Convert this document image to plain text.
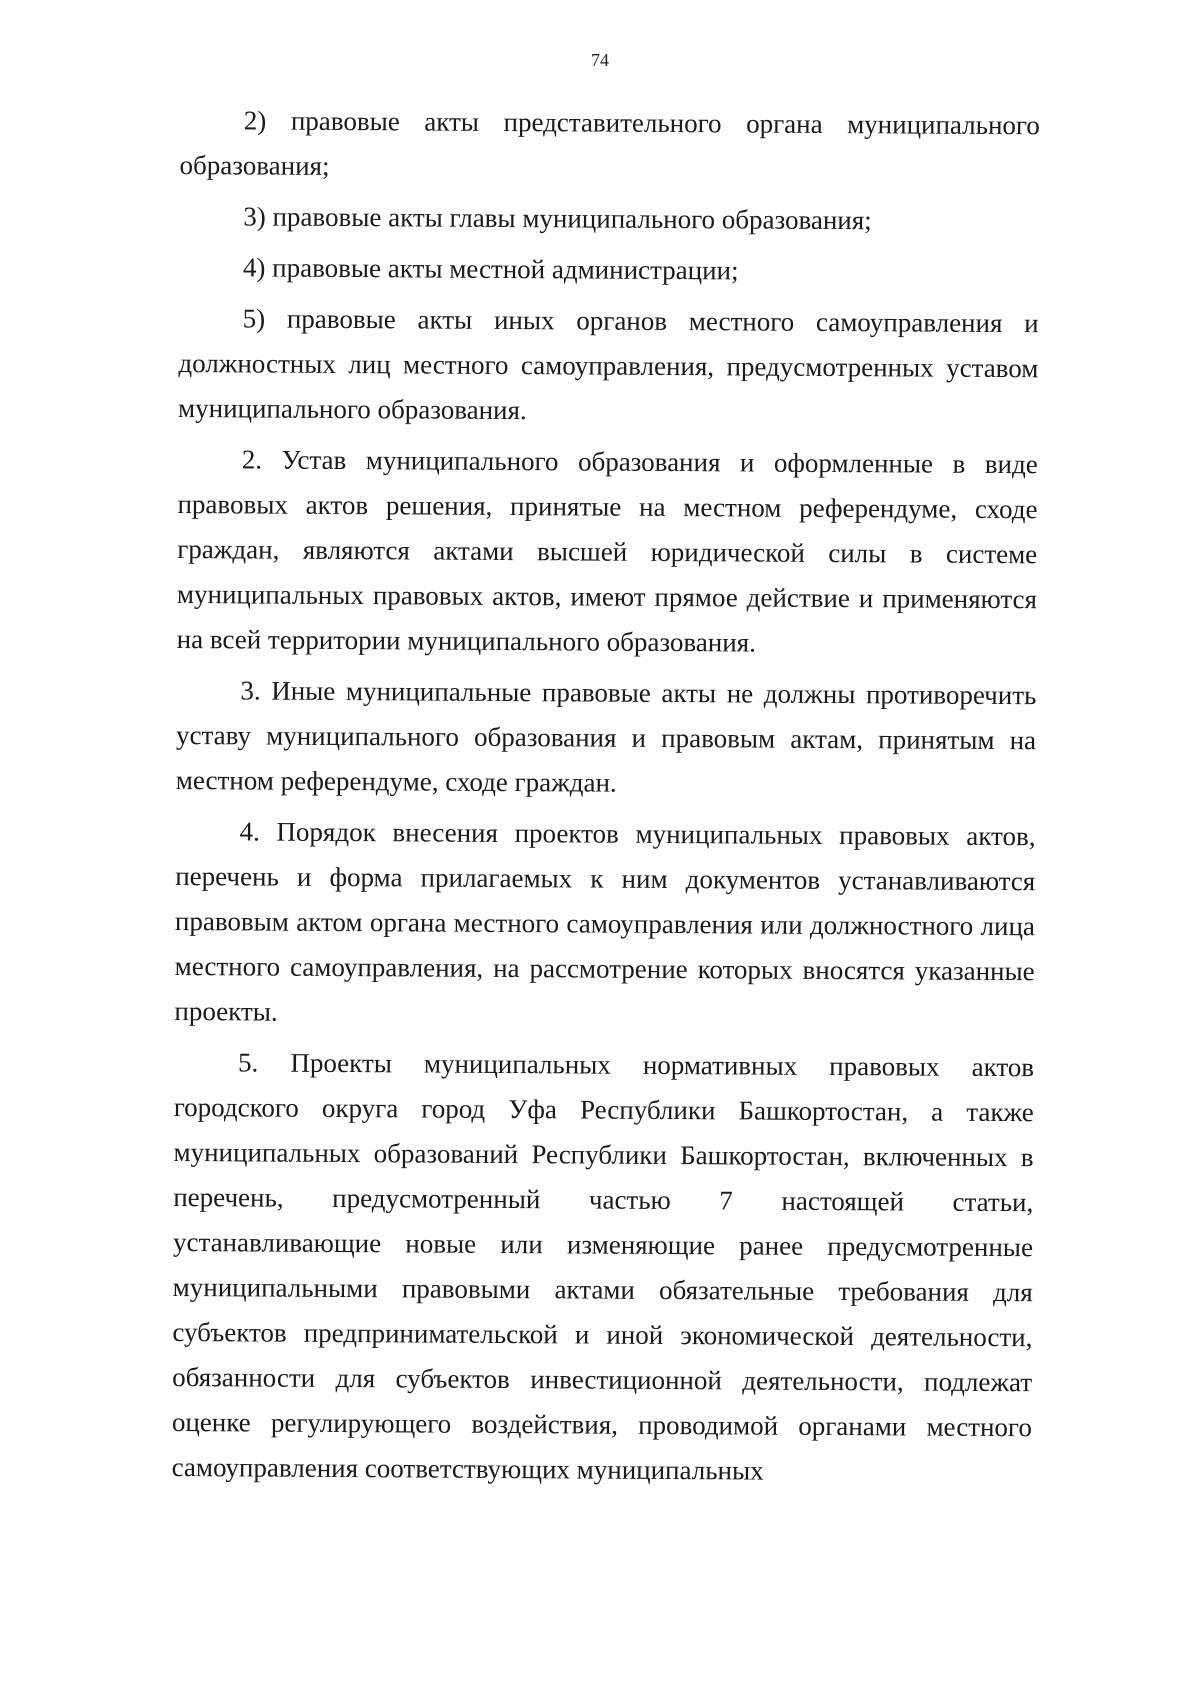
74

2) правовые акты представительного органа муниципального образования;

3) правовые акты главы муниципального образования;

4) правовые акты местной администрации;

5) правовые акты иных органов местного самоуправления и должностных лиц местного самоуправления, предусмотренных уставом муниципального образования.

2. Устав муниципального образования и оформленные в виде правовых актов решения, принятые на местном референдуме, сходе граждан, являются актами высшей юридической силы в системе муниципальных правовых актов, имеют прямое действие и применяются на всей территории муниципального образования.

3. Иные муниципальные правовые акты не должны противоречить уставу муниципального образования и правовым актам, принятым на местном референдуме, сходе граждан.

4. Порядок внесения проектов муниципальных правовых актов, перечень и форма прилагаемых к ним документов устанавливаются правовым актом органа местного самоуправления или должностного лица местного самоуправления, на рассмотрение которых вносятся указанные проекты.

5. Проекты муниципальных нормативных правовых актов городского округа город Уфа Республики Башкортостан, а также муниципальных образований Республики Башкортостан, включенных в перечень, предусмотренный частью 7 настоящей статьи, устанавливающие новые или изменяющие ранее предусмотренные муниципальными правовыми актами обязательные требования для субъектов предпринимательской и иной экономической деятельности, обязанности для субъектов инвестиционной деятельности, подлежат оценке регулирующего воздействия, проводимой органами местного самоуправления соответствующих муниципальных
